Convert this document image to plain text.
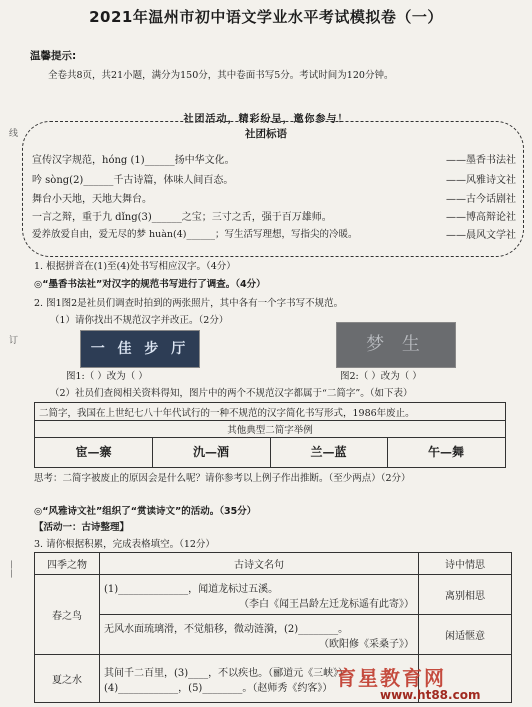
2021年温州市初中语文学业水平考试模拟卷（一）
温馨提示:
全卷共8页，共21小题，满分为150分，其中卷面书写5分。考试时间为120分钟。
线
订
——
社团活动，精彩纷呈，邀你参与！
社团标语
宣传汉字规范，hóng (1)______扬中华文化。	——墨香书法社
吟 sòng(2)______千古诗篇，体味人间百态。	——风雅诗文社
舞台小天地，天地大舞台。	——古今话剧社
一言之辩，重于九 dǐng(3)______之宝；三寸之舌，强于百万雄师。	——博高辩论社
爱养放爱自由，爱无尽的梦 huàn(4)______；写生活写理想，写指尖的冷暖。	——晨风文学社
1. 根据拼音在(1)至(4)处书写相应汉字。（4分）
◎“墨香书法社”对汉字的规范书写进行了调查。（4分）
2. 图1图2是社员们调查时拍到的两张照片，其中各有一个字书写不规范。
（1）请你找出不规范汉字并改正。（2分）
一 佳 步 厅	梦 生
图1:（ ）改为（ ）	图2:（ ）改为（ ）
（2）社员们查阅相关资料得知，图片中的两个不规范汉字都属于“二简字”。（如下表）
二简字，我国在上世纪七八十年代试行的一种不规范的汉字简化书写形式，1986年废止。
其他典型二简字举例
宦—寨	氿—酒	兰—蓝	午—舞
思考：二简字被废止的原因会是什么呢？请你参考以上例子作出推断。（至少两点）（2分）
◎“风雅诗文社”组织了“赏读诗文”的活动。（35分）
【活动一：古诗整理】
3. 请你根据积累，完成表格填空。（12分）
四季之物	古诗文名句	诗中情思
春之鸟	(1)______________，闻道龙标过五溪。
（李白《闻王昌龄左迁龙标遥有此寄》）	离别相思

	无风水面琉璃滑，不觉船移，微动涟漪，(2)________。
（欧阳修《采桑子》）	闲适惬意
夏之水	其间千二百里，(3)____，不以疾也。（郦道元《三峡》）
(4)____________，(5)________。（赵师秀《约客》）	
	育星教育网
www.ht88.com
